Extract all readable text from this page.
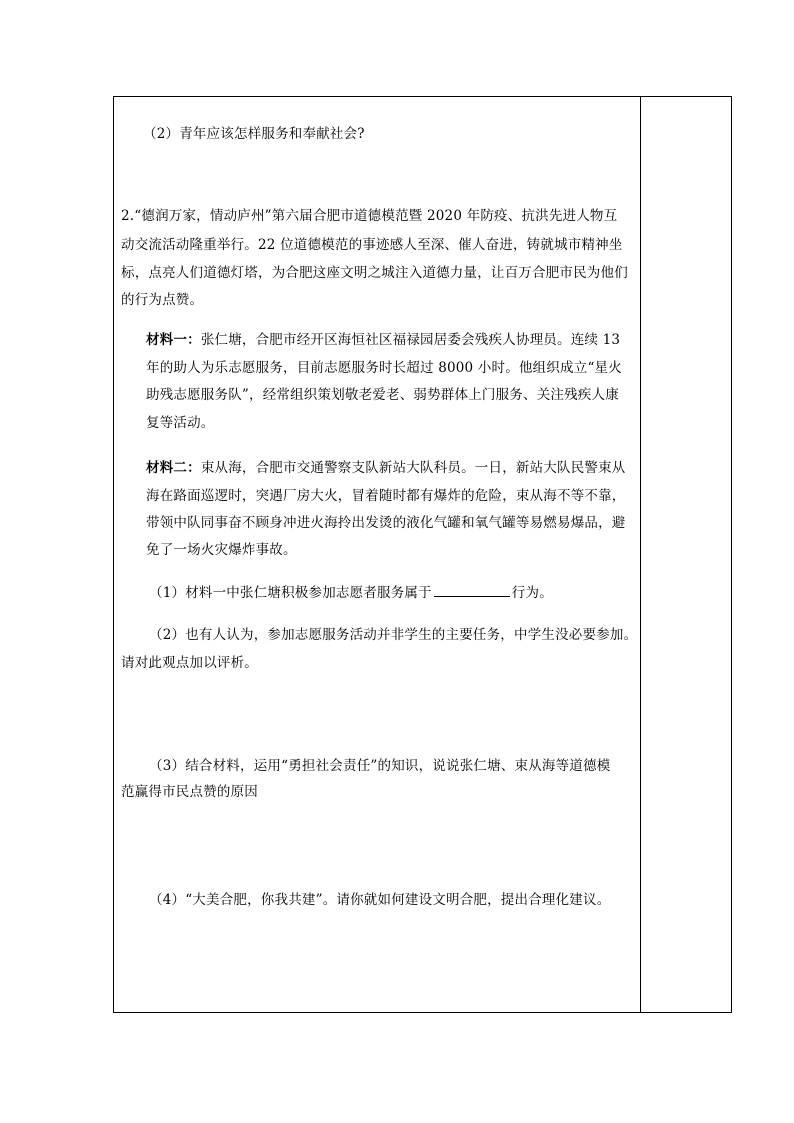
（2）青年应该怎样服务和奉献社会?
2.“德润万家，情动庐州”第六届合肥市道德模范暨 2020 年防疫、抗洪先进人物互
动交流活动隆重举行。22 位道德模范的事迹感人至深、催人奋进，铸就城市精神坐
标，点亮人们道德灯塔，为合肥这座文明之城注入道德力量，让百万合肥市民为他们
的行为点赞。
材料一：张仁塘，合肥市经开区海恒社区福禄园居委会残疾人协理员。连续 13
年的助人为乐志愿服务，目前志愿服务时长超过 8000 小时。他组织成立“星火
助残志愿服务队”，经常组织策划敬老爱老、弱势群体上门服务、关注残疾人康
复等活动。
材料二：束从海，合肥市交通警察支队新站大队科员。一日，新站大队民警束从
海在路面巡逻时，突遇厂房大火，冒着随时都有爆炸的危险，束从海不等不靠，
带领中队同事奋不顾身冲进火海拎出发烫的液化气罐和氧气罐等易燃易爆品，避
免了一场火灾爆炸事故。
（1）材料一中张仁塘积极参加志愿者服务属于	行为。
（2）也有人认为，参加志愿服务活动并非学生的主要任务，中学生没必要参加。
请对此观点加以评析。
（3）结合材料，运用“勇担社会责任”的知识，说说张仁塘、束从海等道德模
范赢得市民点赞的原因
（4）“大美合肥，你我共建”。请你就如何建设文明合肥，提出合理化建议。
